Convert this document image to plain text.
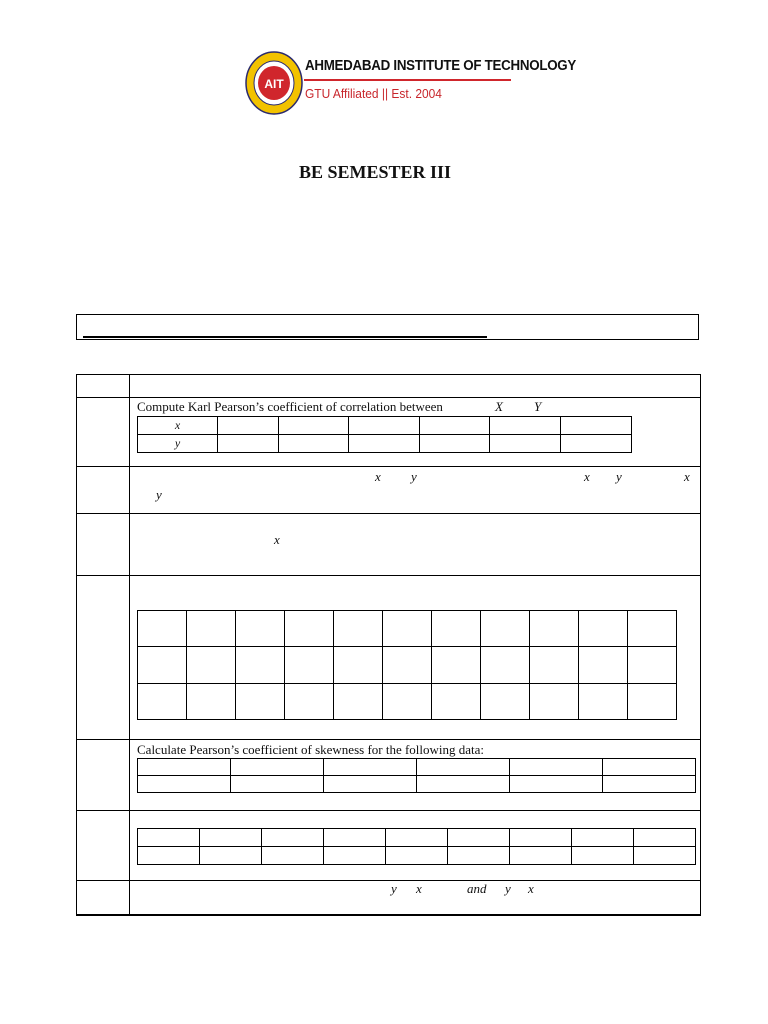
AIT
AHMEDABAD INSTITUTE OF TECHNOLOGY
GTU Affiliated || Est. 2004
BE SEMESTER III
Compute Karl Pearson’s coefficient of correlation between	X Y
x						
y						
x y	x y	x
y
x

Calculate Pearson’s coefficient of skewness for the following data:

y x	and y x
